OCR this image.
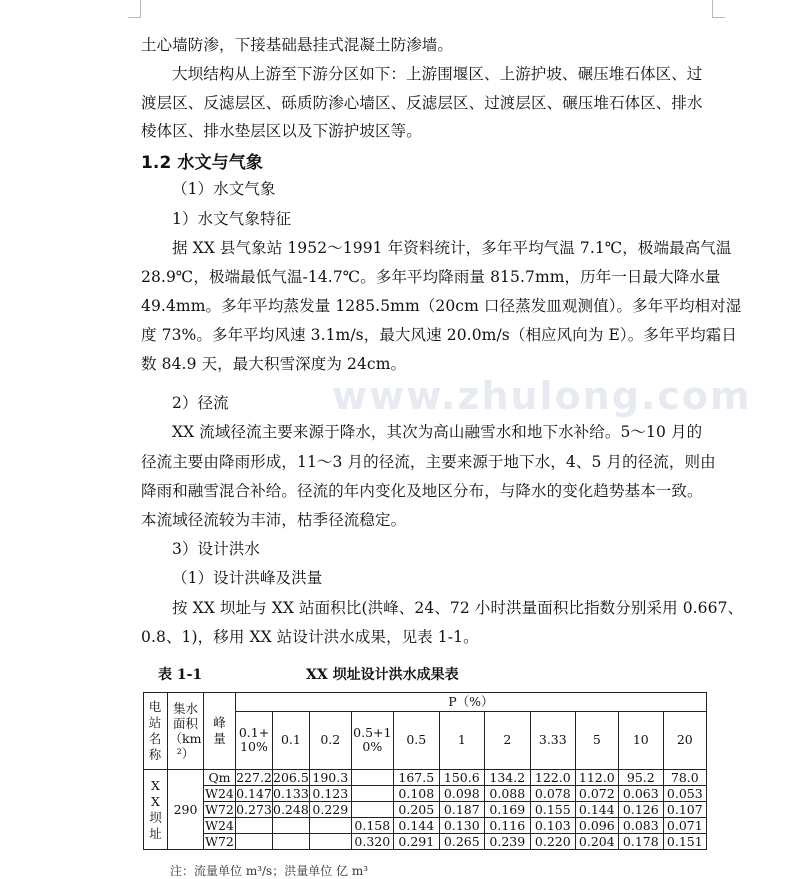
www.zhulong.com
土心墙防渗，下接基础悬挂式混凝土防渗墙。
大坝结构从上游至下游分区如下：上游围堰区、上游护坡、碾压堆石体区、过
渡层区、反滤层区、砾质防渗心墙区、反滤层区、过渡层区、碾压堆石体区、排水
棱体区、排水垫层区以及下游护坡区等。
1.2 水文与气象
（1）水文气象
1）水文气象特征
据 XX 县气象站 1952～1991 年资料统计，多年平均气温 7.1℃，极端最高气温
28.9℃，极端最低气温-14.7℃。多年平均降雨量 815.7mm，历年一日最大降水量
49.4mm。多年平均蒸发量 1285.5mm（20cm 口径蒸发皿观测值）。多年平均相对湿
度 73%。多年平均风速 3.1m/s，最大风速 20.0m/s（相应风向为 E）。多年平均霜日
数 84.9 天，最大积雪深度为 24cm。
2）径流
XX 流域径流主要来源于降水，其次为高山融雪水和地下水补给。5～10 月的
径流主要由降雨形成，11～3 月的径流，主要来源于地下水，4、5 月的径流，则由
降雨和融雪混合补给。径流的年内变化及地区分布，与降水的变化趋势基本一致。
本流域径流较为丰沛，枯季径流稳定。
3）设计洪水
（1）设计洪峰及洪量
按 XX 坝址与 XX 站面积比(洪峰、24、72 小时洪量面积比指数分别采用 0.667、
0.8、1)，移用 XX 站设计洪水成果，见表 1-1。
表 1-1	XX 坝址设计洪水成果表
电站名称	集水面积（km²）	峰量	P（%）										

			0.1+10%	0.1	0.2	0.5+10%	0.5	1	2	3.33	5	10	20

XX坝址	290	Qm	227.2	206.5	190.3		167.5	150.6	134.2	122.0	112.0	95.2	78.0
		W24	0.147	0.133	0.123		0.108	0.098	0.088	0.078	0.072	0.063	0.053
		W72	0.273	0.248	0.229		0.205	0.187	0.169	0.155	0.144	0.126	0.107
		W24				0.158	0.144	0.130	0.116	0.103	0.096	0.083	0.071
		W72				0.320	0.291	0.265	0.239	0.220	0.204	0.178	0.151
注：流量单位 m³/s；洪量单位 亿 m³
